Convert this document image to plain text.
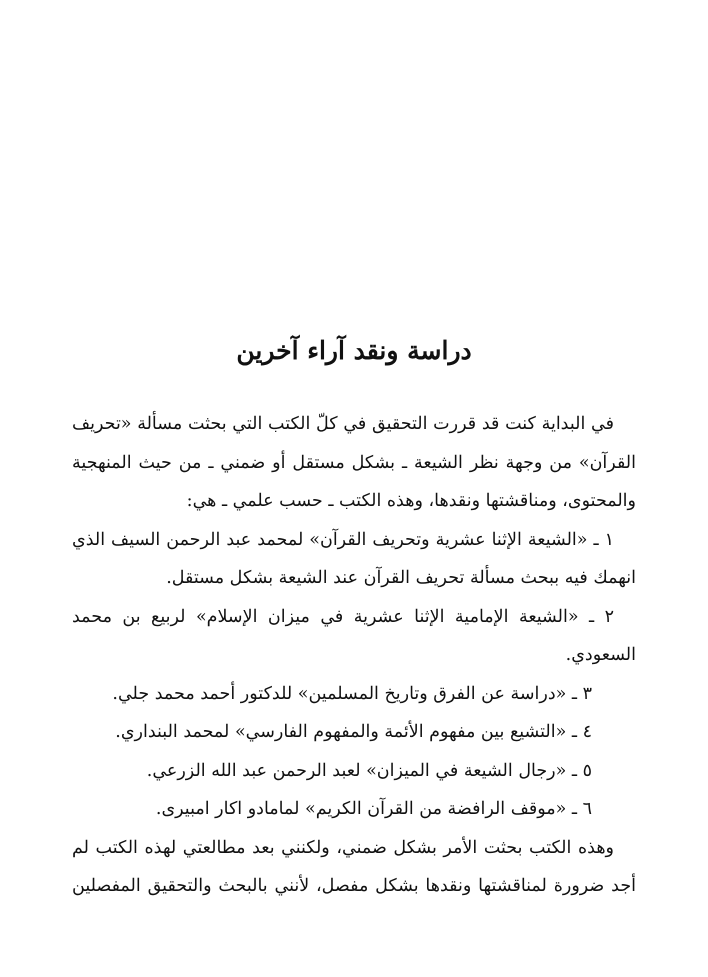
دراسة ونقد آراء آخرين
في البداية كنت قد قررت التحقيق في كلّ الكتب التي بحثت مسألة «تحريف
القرآن» من وجهة نظر الشيعة ـ بشكل مستقل أو ضمني ـ من حيث المنهجية
والمحتوى، ومناقشتها ونقدها، وهذه الكتب ـ حسب علمي ـ هي:
١ ـ «الشيعة الإثنا عشرية وتحريف القرآن» لمحمد عبد الرحمن السيف الذي
انهمك فيه ببحث مسألة تحريف القرآن عند الشيعة بشكل مستقل.
٢ ـ «الشيعة الإمامية الإثنا عشرية في ميزان الإسلام» لربيع بن محمد
السعودي.
٣ ـ «دراسة عن الفرق وتاريخ المسلمين» للدكتور أحمد محمد جلي.
٤ ـ «التشيع بين مفهوم الأئمة والمفهوم الفارسي» لمحمد البنداري.
٥ ـ «رجال الشيعة في الميزان» لعبد الرحمن عبد الله الزرعي.
٦ ـ «موقف الرافضة من القرآن الكريم» لمامادو اكار امبيرى.
وهذه الكتب بحثت الأمر بشكل ضمني، ولكنني بعد مطالعتي لهذه الكتب لم
أجد ضرورة لمناقشتها ونقدها بشكل مفصل، لأنني بالبحث والتحقيق المفصلين
